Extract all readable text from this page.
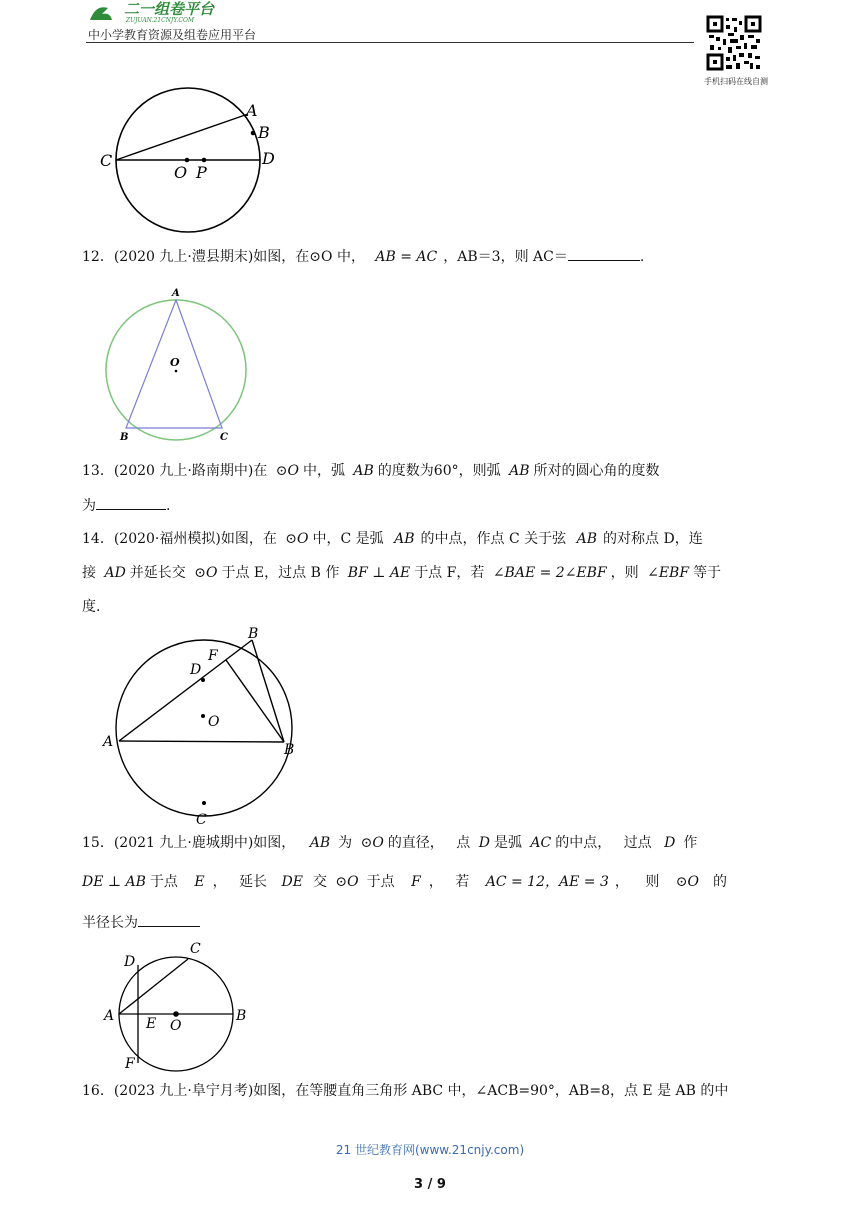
二一组卷平台
ZUJUAN.21CNJY.COM
中小学教育资源及组卷应用平台
手机扫码在线自测
A
B
C	D
O P
12．(2020 九上·澧县期末)如图，在⊙O 中， AB = AC ，AB＝3，则 AC＝	.
A
B	C
O
13．(2020 九上·路南期中)在 ⊙O 中，弧 AB 的度数为60°，则弧 AB 所对的圆心角的度数
为	.
14．(2020·福州模拟)如图，在 ⊙O 中，C 是弧 AB 的中点，作点 C 关于弦 AB 的对称点 D，连
接 AD 并延长交 ⊙O 于点 E，过点 B 作 BF ⊥ AE 于点 F，若 ∠BAE = 2∠EBF ，则 ∠EBF 等于
度.
B
F
D
O
A	B
C
15．(2021 九上·鹿城期中)如图， AB 为 ⊙O 的直径， 点 D 是弧 AC 的中点， 过点 D 作
DE ⊥ AB 于点 E ， 延长 DE 交 ⊙O 于点 F ， 若 AC = 12，AE = 3 ， 则 ⊙O 的
半径长为
C
D
A E O
B
F
16．(2023 九上·阜宁月考)如图，在等腰直角三角形 ABC 中，∠ACB=90°，AB=8，点 E 是 AB 的中
21 世纪教育网(www.21cnjy.com)
3 / 9
